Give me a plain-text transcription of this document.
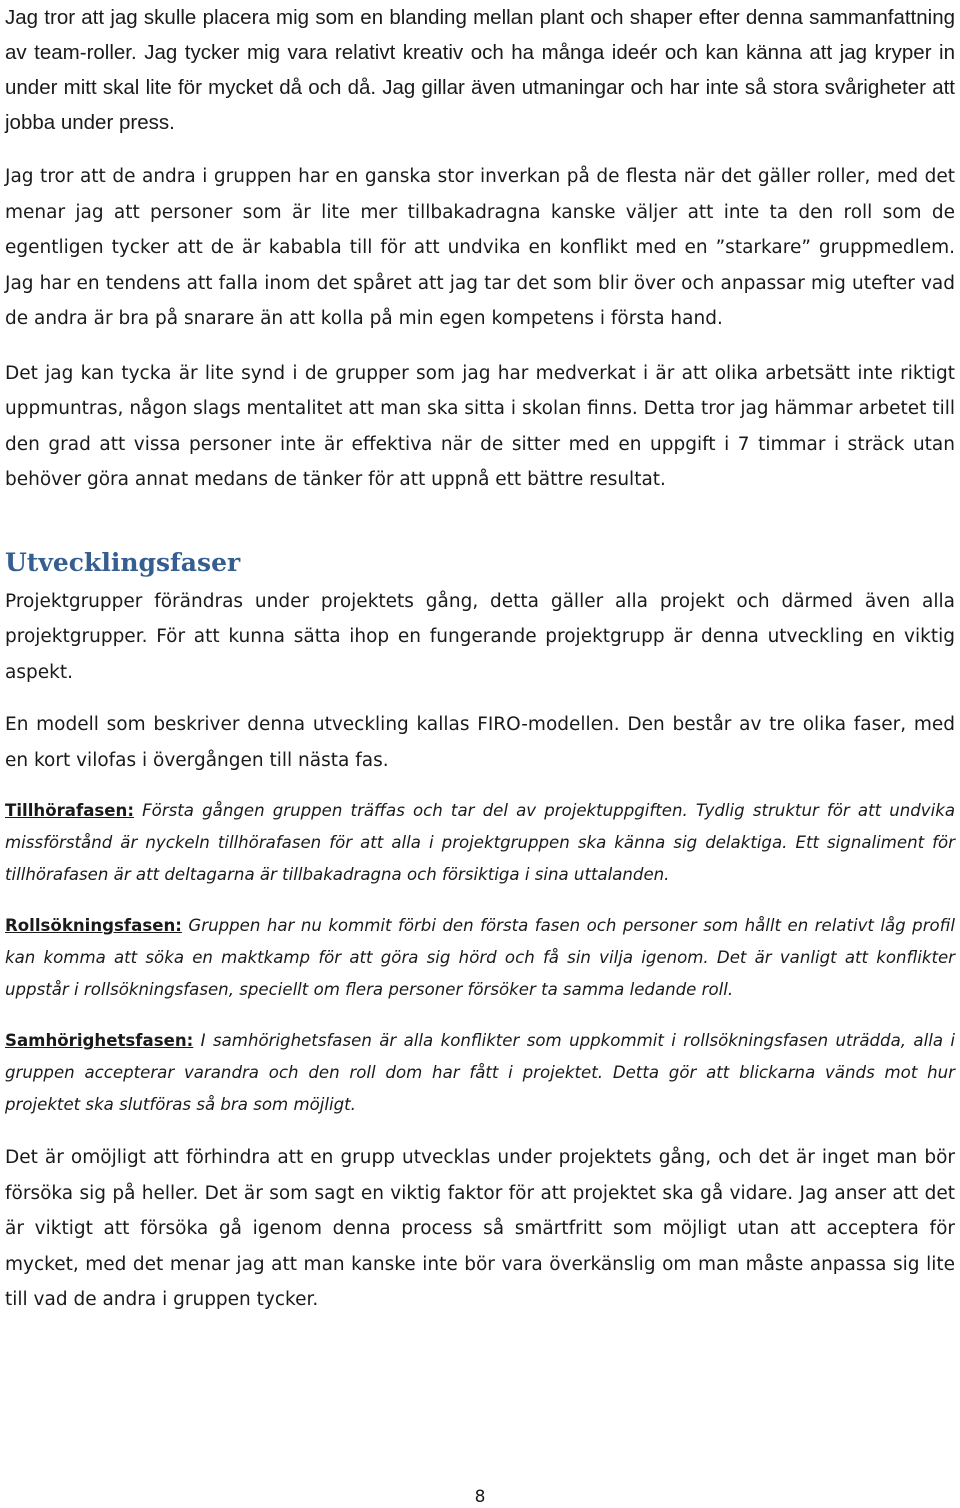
Jag tror att jag skulle placera mig som en blanding mellan plant och shaper efter denna sammanfattning av team-roller. Jag tycker mig vara relativt kreativ och ha många ideér och kan känna att jag kryper in under mitt skal lite för mycket då och då. Jag gillar även utmaningar och har inte så stora svårigheter att jobba under press.

Jag tror att de andra i gruppen har en ganska stor inverkan på de flesta när det gäller roller, med det menar jag att personer som är lite mer tillbakadragna kanske väljer att inte ta den roll som de egentligen tycker att de är kababla till för att undvika en konflikt med en ”starkare” gruppmedlem. Jag har en tendens att falla inom det spåret att jag tar det som blir över och anpassar mig utefter vad de andra är bra på snarare än att kolla på min egen kompetens i första hand.

Det jag kan tycka är lite synd i de grupper som jag har medverkat i är att olika arbetsätt inte riktigt uppmuntras, någon slags mentalitet att man ska sitta i skolan finns. Detta tror jag hämmar arbetet till den grad att vissa personer inte är effektiva när de sitter med en uppgift i 7 timmar i sträck utan behöver göra annat medans de tänker för att uppnå ett bättre resultat.

Utvecklingsfaser

Projektgrupper förändras under projektets gång, detta gäller alla projekt och därmed även alla projektgrupper. För att kunna sätta ihop en fungerande projektgrupp är denna utveckling en viktig aspekt.

En modell som beskriver denna utveckling kallas FIRO-modellen. Den består av tre olika faser, med en kort vilofas i övergången till nästa fas.

Tillhörafasen: Första gången gruppen träffas och tar del av projektuppgiften. Tydlig struktur för att undvika missförstånd är nyckeln tillhörafasen för att alla i projektgruppen ska känna sig delaktiga. Ett signaliment för tillhörafasen är att deltagarna är tillbakadragna och försiktiga i sina uttalanden.

Rollsökningsfasen: Gruppen har nu kommit förbi den första fasen och personer som hållt en relativt låg profil kan komma att söka en maktkamp för att göra sig hörd och få sin vilja igenom. Det är vanligt att konflikter uppstår i rollsökningsfasen, speciellt om flera personer försöker ta samma ledande roll.

Samhörighetsfasen: I samhörighetsfasen är alla konflikter som uppkommit i rollsökningsfasen uträdda, alla i gruppen accepterar varandra och den roll dom har fått i projektet. Detta gör att blickarna vänds mot hur projektet ska slutföras så bra som möjligt.

Det är omöjligt att förhindra att en grupp utvecklas under projektets gång, och det är inget man bör försöka sig på heller. Det är som sagt en viktig faktor för att projektet ska gå vidare. Jag anser att det är viktigt att försöka gå igenom denna process så smärtfritt som möjligt utan att acceptera för mycket, med det menar jag att man kanske inte bör vara överkänslig om man måste anpassa sig lite till vad de andra i gruppen tycker.

8
